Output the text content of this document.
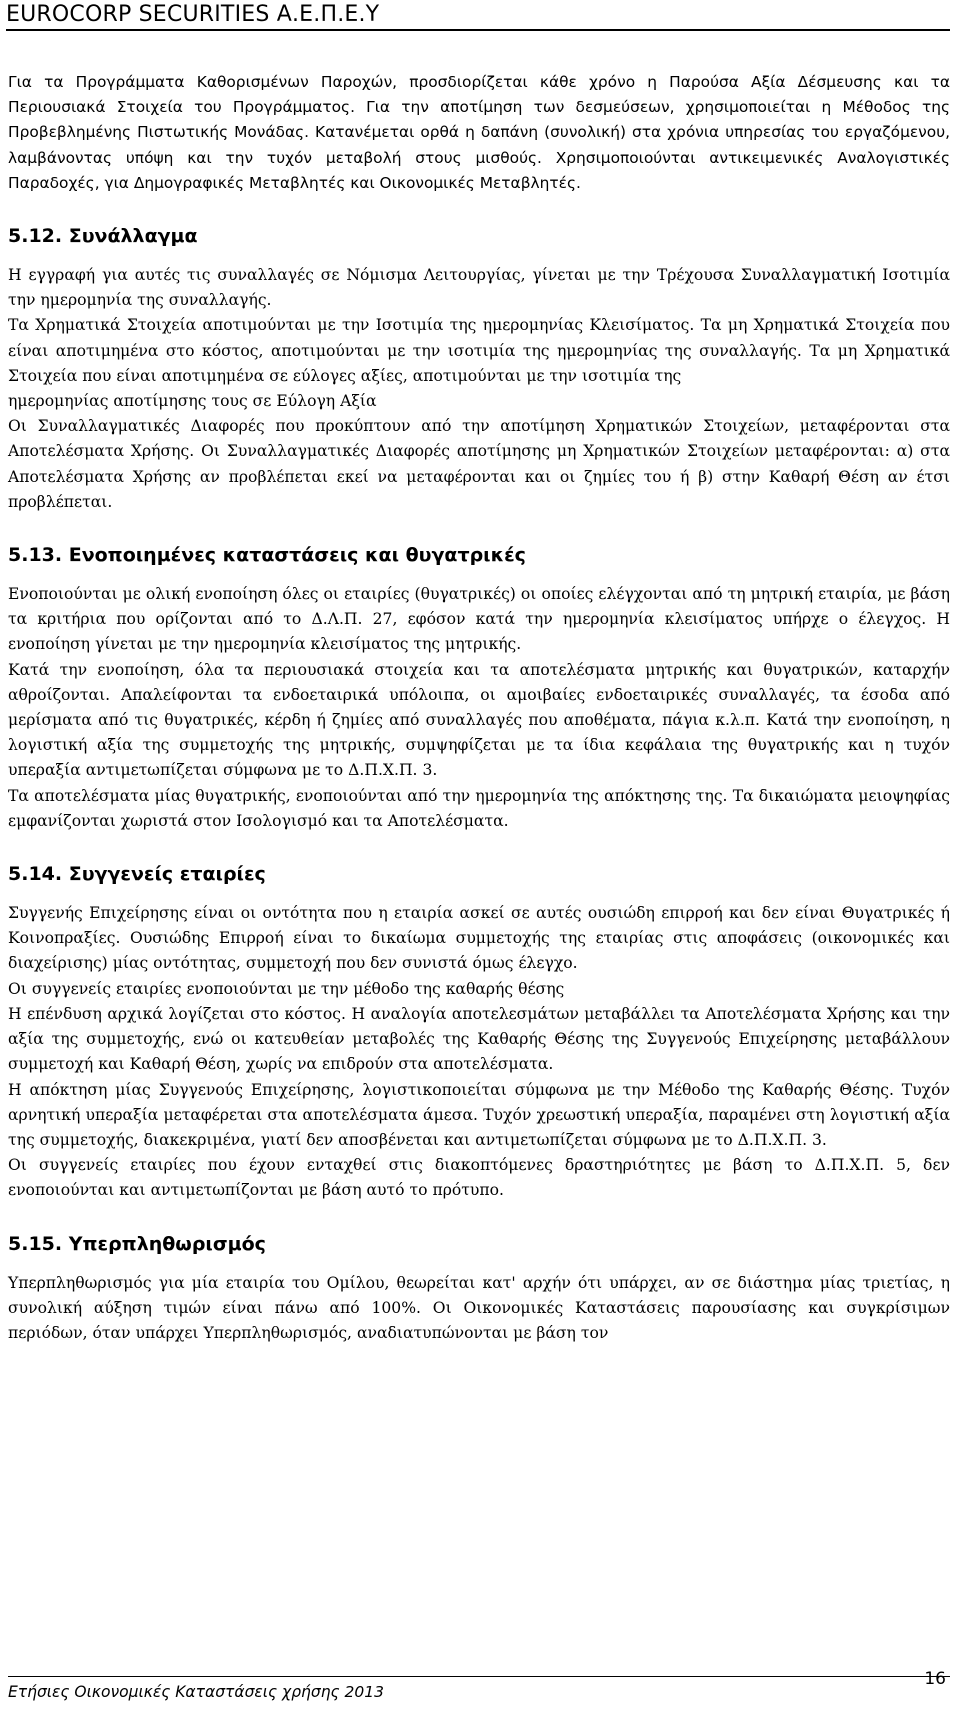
EUROCORP SECURITIES Α.Ε.Π.Ε.Υ

Για τα Προγράμματα Καθορισμένων Παροχών, προσδιορίζεται κάθε χρόνο η Παρούσα Αξία Δέσμευσης και τα Περιουσιακά Στοιχεία του Προγράμματος. Για την αποτίμηση των δεσμεύσεων, χρησιμοποιείται η Μέθοδος της Προβεβλημένης Πιστωτικής Μονάδας. Κατανέμεται ορθά η δαπάνη (συνολική) στα χρόνια υπηρεσίας του εργαζόμενου, λαμβάνοντας υπόψη και την τυχόν μεταβολή στους μισθούς. Χρησιμοποιούνται αντικειμενικές Αναλογιστικές Παραδοχές, για Δημογραφικές Μεταβλητές και Οικονομικές Μεταβλητές.

5.12. Συνάλλαγμα

Η εγγραφή για αυτές τις συναλλαγές σε Νόμισμα Λειτουργίας, γίνεται με την Τρέχουσα Συναλλαγματική Ισοτιμία την ημερομηνία της συναλλαγής.

Τα Χρηματικά Στοιχεία αποτιμούνται με την Ισοτιμία της ημερομηνίας Κλεισίματος. Τα μη Χρηματικά Στοιχεία που είναι αποτιμημένα στο κόστος, αποτιμούνται με την ισοτιμία της ημερομηνίας της συναλλαγής. Τα μη Χρηματικά Στοιχεία που είναι αποτιμημένα σε εύλογες αξίες, αποτιμούνται με την ισοτιμία της

ημερομηνίας αποτίμησης τους σε Εύλογη Αξία

Οι Συναλλαγματικές Διαφορές που προκύπτουν από την αποτίμηση Χρηματικών Στοιχείων, μεταφέρονται στα Αποτελέσματα Χρήσης. Οι Συναλλαγματικές Διαφορές αποτίμησης μη Χρηματικών Στοιχείων μεταφέρονται: α) στα Αποτελέσματα Χρήσης αν προβλέπεται εκεί να μεταφέρονται και οι ζημίες του ή β) στην Καθαρή Θέση αν έτσι προβλέπεται.

5.13. Ενοποιημένες καταστάσεις και θυγατρικές

Ενοποιούνται με ολική ενοποίηση όλες οι εταιρίες (θυγατρικές) οι οποίες ελέγχονται από τη μητρική εταιρία, με βάση τα κριτήρια που ορίζονται από το Δ.Λ.Π. 27, εφόσον κατά την ημερομηνία κλεισίματος υπήρχε ο έλεγχος. Η ενοποίηση γίνεται με την ημερομηνία κλεισίματος της μητρικής.

Κατά την ενοποίηση, όλα τα περιουσιακά στοιχεία και τα αποτελέσματα μητρικής και θυγατρικών, καταρχήν αθροίζονται. Απαλείφονται τα ενδοεταιρικά υπόλοιπα, οι αμοιβαίες ενδοεταιρικές συναλλαγές, τα έσοδα από μερίσματα από τις θυγατρικές, κέρδη ή ζημίες από συναλλαγές που αποθέματα, πάγια κ.λ.π. Κατά την ενοποίηση, η λογιστική αξία της συμμετοχής της μητρικής, συμψηφίζεται με τα ίδια κεφάλαια της θυγατρικής και η τυχόν υπεραξία αντιμετωπίζεται σύμφωνα με το Δ.Π.Χ.Π. 3.

Τα αποτελέσματα μίας θυγατρικής, ενοποιούνται από την ημερομηνία της απόκτησης της. Τα δικαιώματα μειοψηφίας εμφανίζονται χωριστά στον Ισολογισμό και τα Αποτελέσματα.

5.14. Συγγενείς εταιρίες

Συγγενής Επιχείρησης είναι οι οντότητα που η εταιρία ασκεί σε αυτές ουσιώδη επιρροή και δεν είναι Θυγατρικές ή Κοινοπραξίες. Ουσιώδης Επιρροή είναι το δικαίωμα συμμετοχής της εταιρίας στις αποφάσεις (οικονομικές και διαχείρισης) μίας οντότητας, συμμετοχή που δεν συνιστά όμως έλεγχο.

Οι συγγενείς εταιρίες ενοποιούνται με την μέθοδο της καθαρής θέσης

Η επένδυση αρχικά λογίζεται στο κόστος. Η αναλογία αποτελεσμάτων μεταβάλλει τα Αποτελέσματα Χρήσης και την αξία της συμμετοχής, ενώ οι κατευθείαν μεταβολές της Καθαρής Θέσης της Συγγενούς Επιχείρησης μεταβάλλουν συμμετοχή και Καθαρή Θέση, χωρίς να επιδρούν στα αποτελέσματα.

Η απόκτηση μίας Συγγενούς Επιχείρησης, λογιστικοποιείται σύμφωνα με την Μέθοδο της Καθαρής Θέσης. Τυχόν αρνητική υπεραξία μεταφέρεται στα αποτελέσματα άμεσα. Τυχόν χρεωστική υπεραξία, παραμένει στη λογιστική αξία της συμμετοχής, διακεκριμένα, γιατί δεν αποσβένεται και αντιμετωπίζεται σύμφωνα με το Δ.Π.Χ.Π. 3.

Οι συγγενείς εταιρίες που έχουν ενταχθεί στις διακοπτόμενες δραστηριότητες με βάση το Δ.Π.Χ.Π. 5, δεν ενοποιούνται και αντιμετωπίζονται με βάση αυτό το πρότυπο.

5.15. Υπερπληθωρισμός

Υπερπληθωρισμός για μία εταιρία του Ομίλου, θεωρείται κατ' αρχήν ότι υπάρχει, αν σε διάστημα μίας τριετίας, η συνολική αύξηση τιμών είναι πάνω από 100%. Οι Οικονομικές Καταστάσεις παρουσίασης και συγκρίσιμων περιόδων, όταν υπάρχει Υπερπληθωρισμός, αναδιατυπώνονται με βάση τον

Ετήσιες Οικονομικές Καταστάσεις χρήσης 2013
16
